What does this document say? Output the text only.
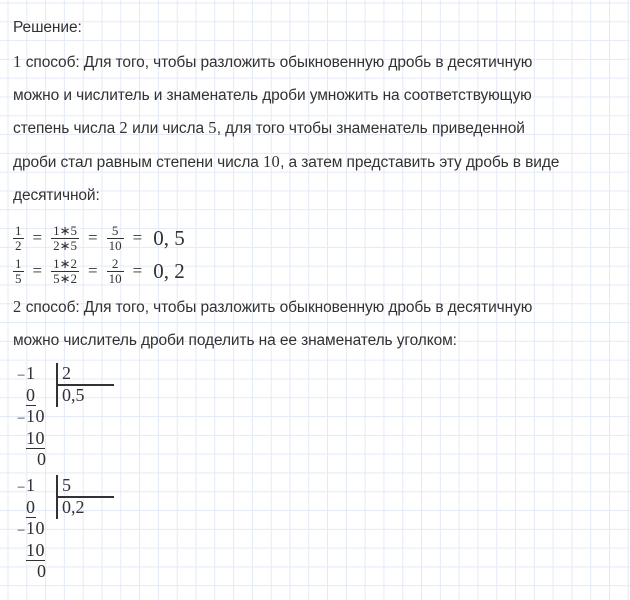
Решение:
1 способ: Для того, чтобы разложить обыкновенную дробь в десятичную
можно и числитель и знаменатель дроби умножить на соответствующую
степень числа 2 или числа 5, для того чтобы знаменатель приведенной
дроби стал равным степени числа 10, а затем представить эту дробь в виде
десятичной:
$\frac{1}{2} = \frac{1∗5}{2∗5} = \frac{5}{10} = 0$, 5
$\frac{1}{5} = \frac{1∗2}{5∗2} = \frac{2}{10} = 0$, 2
2 способ: Для того, чтобы разложить обыкновенную дробь в десятичную
можно числитель дроби поделить на ее знаменатель уголком:
− 1
0
− 10
10
0
2
0,5
− 1
0
− 10
10
0
5
0,2
